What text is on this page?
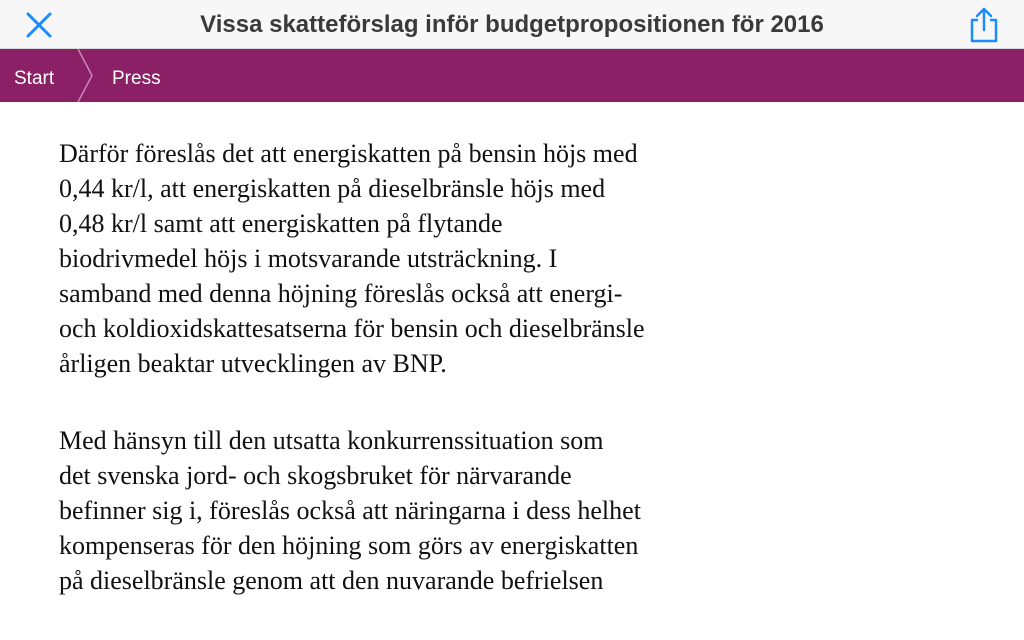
Vissa skatteförslag inför budgetpropositionen för 2016
Start	Press

Därför föreslås det att energiskatten på bensin höjs med
0,44 kr/l, att energiskatten på dieselbränsle höjs med
0,48 kr/l samt att energiskatten på flytande
biodrivmedel höjs i motsvarande utsträckning. I
samband med denna höjning föreslås också att energi-
och koldioxidskattesatserna för bensin och dieselbränsle
årligen beaktar utvecklingen av BNP.

Med hänsyn till den utsatta konkurrenssituation som
det svenska jord- och skogsbruket för närvarande
befinner sig i, föreslås också att näringarna i dess helhet
kompenseras för den höjning som görs av energiskatten
på dieselbränsle genom att den nuvarande befrielsen
